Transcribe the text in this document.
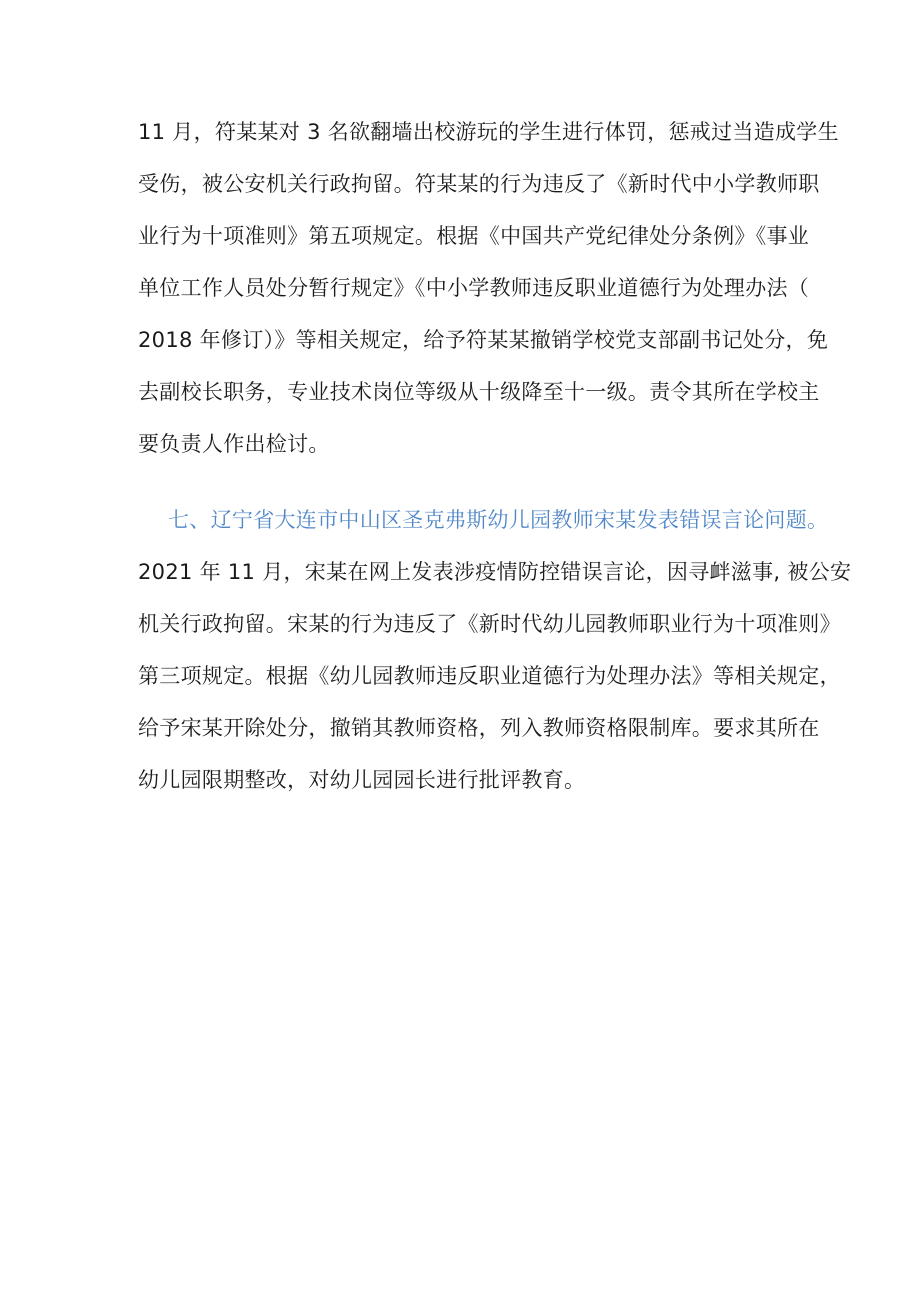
11 月，符某某对 3 名欲翻墙出校游玩的学生进行体罚，惩戒过当造成学生
受伤，被公安机关行政拘留。符某某的行为违反了《新时代中小学教师职
业行为十项准则》第五项规定。根据《中国共产党纪律处分条例》《事业
单位工作人员处分暂行规定》《中小学教师违反职业道德行为处理办法（
2018 年修订）》等相关规定，给予符某某撤销学校党支部副书记处分，免
去副校长职务，专业技术岗位等级从十级降至十一级。责令其所在学校主
要负责人作出检讨。
七、辽宁省大连市中山区圣克弗斯幼儿园教师宋某发表错误言论问题。
2021 年 11 月，宋某在网上发表涉疫情防控错误言论，因寻衅滋事, 被公安
机关行政拘留。宋某的行为违反了《新时代幼儿园教师职业行为十项准则》
第三项规定。根据《幼儿园教师违反职业道德行为处理办法》等相关规定，
给予宋某开除处分，撤销其教师资格，列入教师资格限制库。要求其所在
幼儿园限期整改，对幼儿园园长进行批评教育。
